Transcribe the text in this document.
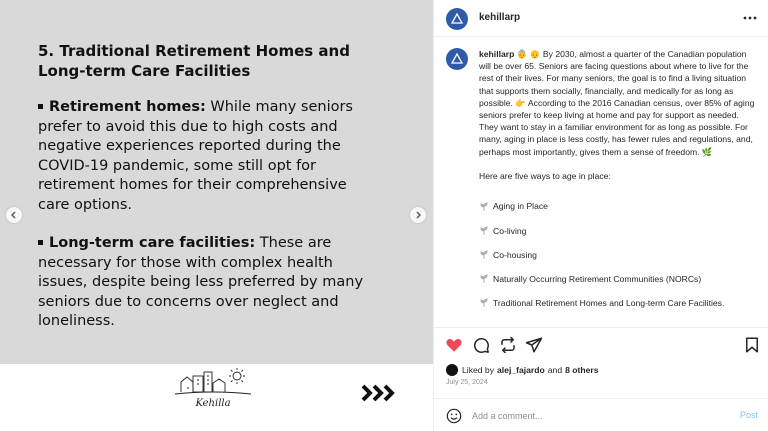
5. Traditional Retirement Homes and Long-term Care Facilities
Retirement homes: While many seniors prefer to avoid this due to high costs and negative experiences reported during the COVID-19 pandemic, some still opt for retirement homes for their comprehensive care options.
Long-term care facilities: These are necessary for those with complex health issues, despite being less preferred by many seniors due to concerns over neglect and loneliness.
Kehilla
kehillarp

kehillarp 👵 👴 By 2030, almost a quarter of the Canadian population will be over 65. Seniors are facing questions about where to live for the rest of their lives. For many seniors, the goal is to find a living situation that supports them socially, financially, and medically for as long as possible. 👉 According to the 2016 Canadian census, over 85% of aging seniors prefer to keep living at home and pay for support as needed. They want to stay in a familiar environment for as long as possible. For many, aging in place is less costly, has fewer rules and regulations, and, perhaps most importantly, gives them a sense of freedom. 🌿

Here are five ways to age in place:

Aging in Place
Co-living
Co-housing
Naturally Occurring Retirement Communities (NORCs)
Traditional Retirement Homes and Long-term Care Facilities.
Liked by alej_fajardo and 8 others
July 25, 2024
Add a comment...
Post
